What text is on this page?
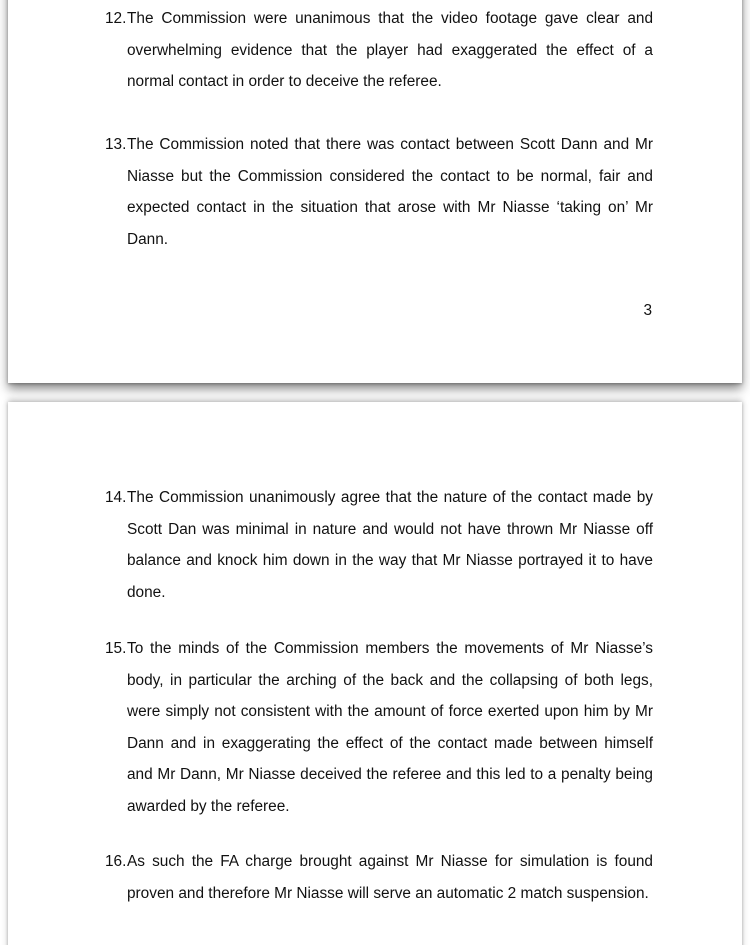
12. The Commission were unanimous that the video footage gave clear and overwhelming evidence that the player had exaggerated the effect of a normal contact in order to deceive the referee.
13. The Commission noted that there was contact between Scott Dann and Mr Niasse but the Commission considered the contact to be normal, fair and expected contact in the situation that arose with Mr Niasse ‘taking on’ Mr Dann.
3
14. The Commission unanimously agree that the nature of the contact made by Scott Dan was minimal in nature and would not have thrown Mr Niasse off balance and knock him down in the way that Mr Niasse portrayed it to have done.
15. To the minds of the Commission members the movements of Mr Niasse’s body, in particular the arching of the back and the collapsing of both legs, were simply not consistent with the amount of force exerted upon him by Mr Dann and in exaggerating the effect of the contact made between himself and Mr Dann, Mr Niasse deceived the referee and this led to a penalty being awarded by the referee.
16. As such the FA charge brought against Mr Niasse for simulation is found proven and therefore Mr Niasse will serve an automatic 2 match suspension.
